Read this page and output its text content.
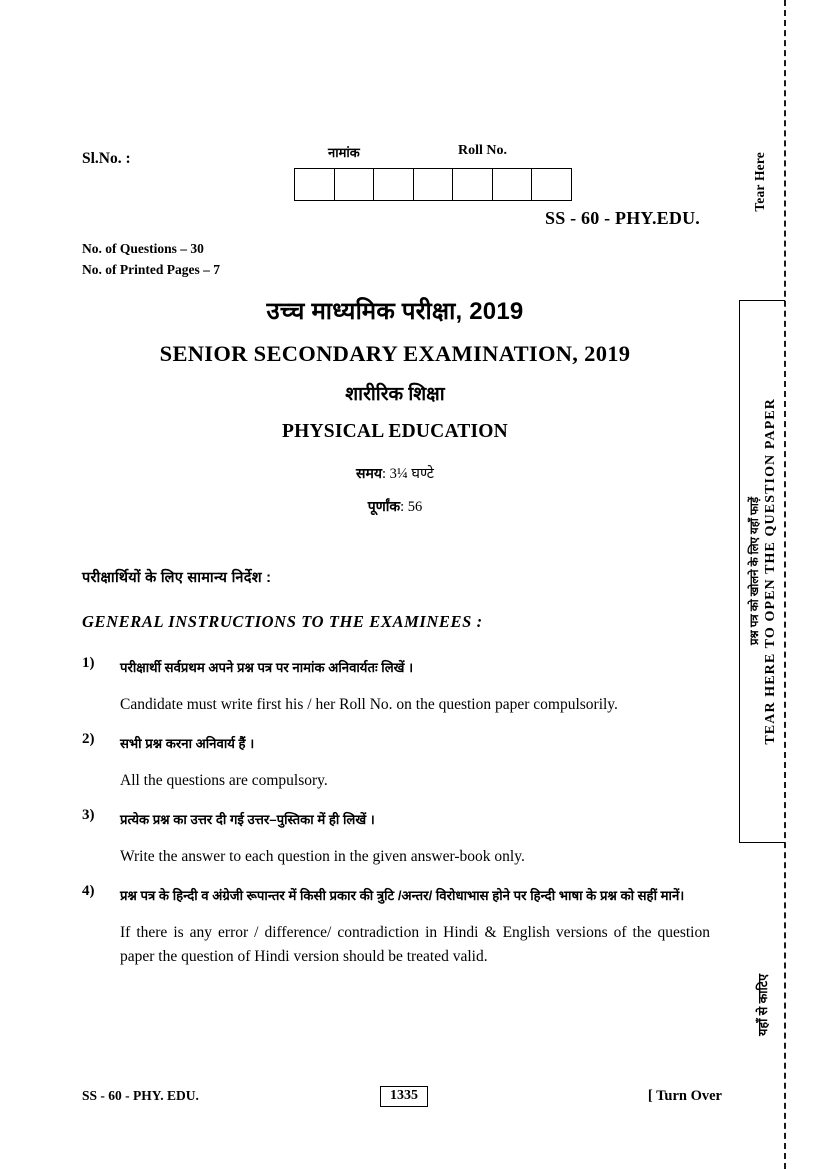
Tear Here
प्रश्न पत्र को खोलने के लिए यहाँ फाड़ें TEAR HERE TO OPEN THE QUESTION PAPER
यहाँ से काटिए
Sl.No. :	नामांक	Roll No.
SS - 60 - PHY.EDU.
No. of Questions – 30
No. of Printed Pages – 7
उच्च माध्यमिक परीक्षा, 2019
SENIOR SECONDARY EXAMINATION, 2019
शारीरिक शिक्षा
PHYSICAL EDUCATION
समय: 3¼ घण्टे
पूर्णांक: 56
परीक्षार्थियों के लिए सामान्य निर्देश :
GENERAL INSTRUCTIONS TO THE EXAMINEES :
1) परीक्षार्थी सर्वप्रथम अपने प्रश्न पत्र पर नामांक अनिवार्यतः लिखें ।
Candidate must write first his / her Roll No. on the question paper compulsorily.
2) सभी प्रश्न करना अनिवार्य हैं ।
All the questions are compulsory.
3) प्रत्येक प्रश्न का उत्तर दी गई उत्तर–पुस्तिका में ही लिखें ।
Write the answer to each question in the given answer-book only.
4) प्रश्न पत्र के हिन्दी व अंग्रेजी रूपान्तर में किसी प्रकार की त्रुटि /अन्तर/ विरोधाभास होने पर हिन्दी भाषा के प्रश्न को सहीं मानें।
If there is any error / difference/ contradiction in Hindi & English versions of the question paper the question of Hindi version should be treated valid.
SS - 60 - PHY. EDU.	1335	[ Turn Over
